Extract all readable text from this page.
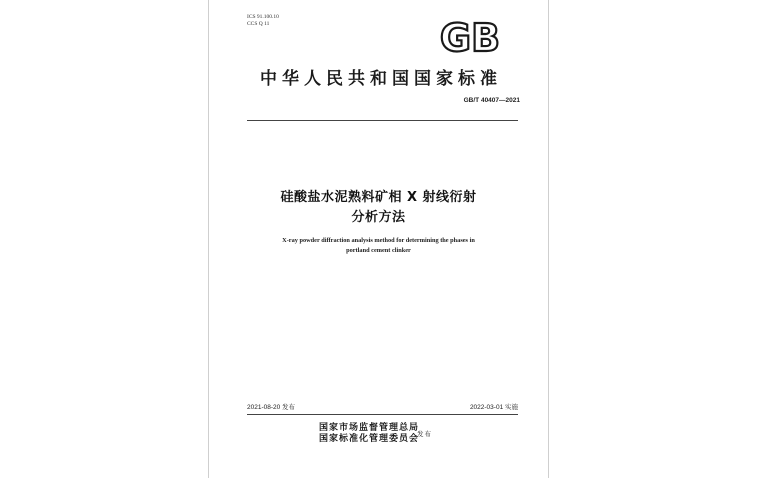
ICS 91.100.10
CCS Q 11	GB
中华人民共和国国家标准
GB/T 40407—2021
硅酸盐水泥熟料矿相 X 射线衍射
分析方法
X-ray powder diffraction analysis method for determining the phases in
portland cement clinker
2021-08-20 发布	2022-03-01 实施
国家市场监督管理总局
国家标准化管理委员会
发布
